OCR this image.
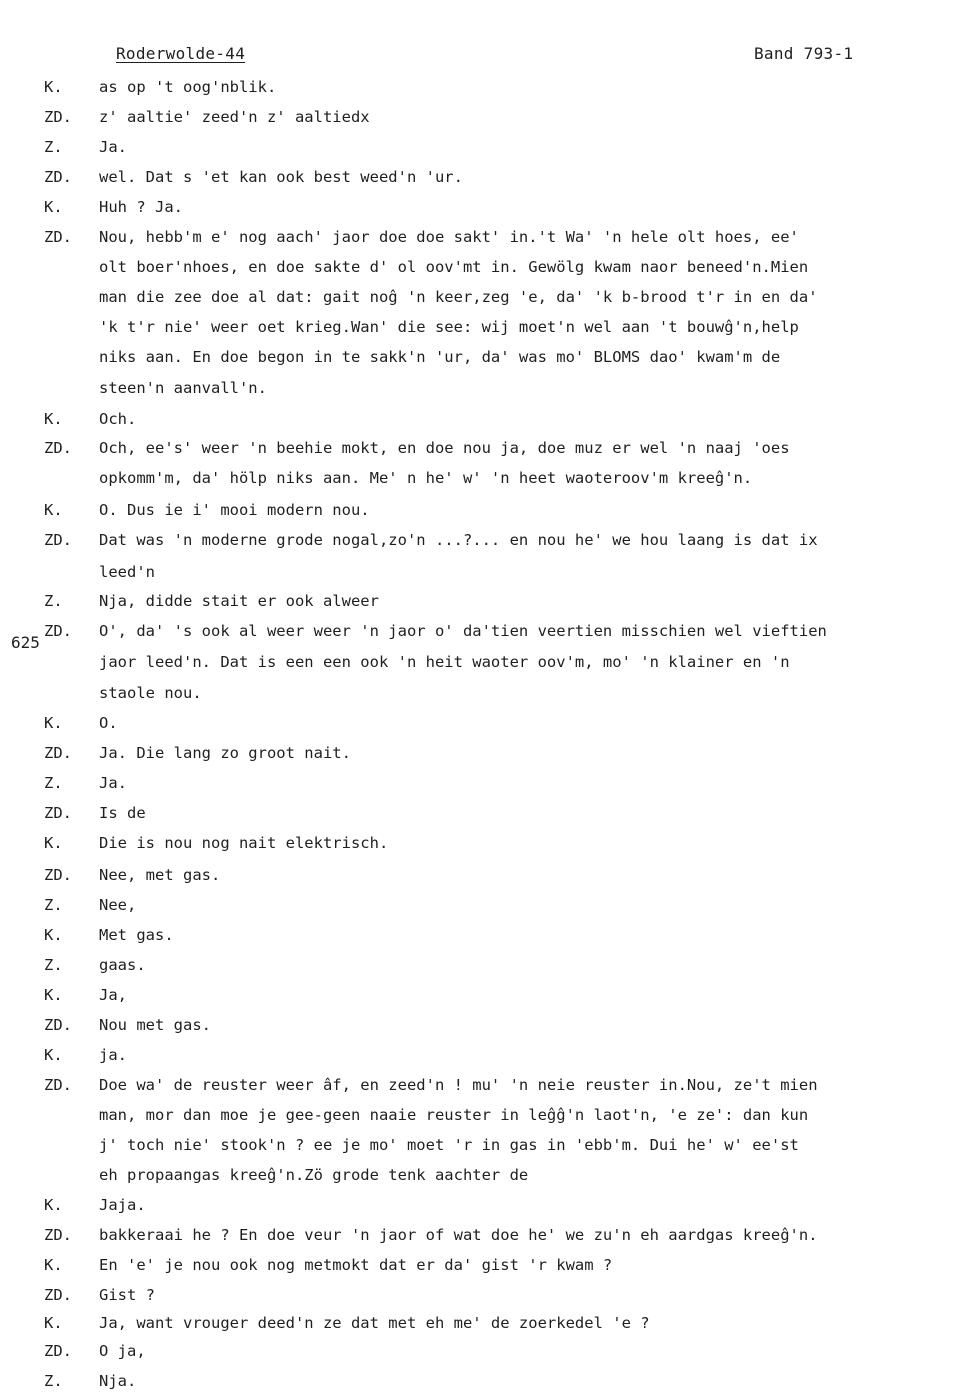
Roderwolde-44	Band 793-1
625
K.	as op 't oog'nblik.
ZD.	z' aaltie' zeed'n z' aaltiedx
Z.	Ja.
ZD.	wel. Dat s 'et kan ook best weed'n 'ur.
K.	Huh ? Ja.
ZD.	Nou, hebb'm e' nog aach' jaor doe doe sakt' in.'t Wa' 'n hele olt hoes, ee'
olt boer'nhoes, en doe sakte d' ol oov'mt in. Gewölg kwam naor beneed'n.Mien
man die zee doe al dat: gait noĝ 'n keer,zeg 'e, da' 'k b-brood t'r in en da'
'k t'r nie' weer oet krieg.Wan' die see: wij moet'n wel aan 't bouwĝ'n,help
niks aan. En doe begon in te sakk'n 'ur, da' was mo' BLOMS dao' kwam'm de
steen'n aanvall'n.
K.	Och.
ZD.	Och, ee's' weer 'n beehie mokt, en doe nou ja, doe muz er wel 'n naaj 'oes
opkomm'm, da' hölp niks aan. Me' n he' w' 'n heet waoteroov'm kreeĝ'n.
K.	O. Dus ie i' mooi modern nou.
ZD.	Dat was 'n moderne grode nogal,zo'n ...?... en nou he' we hou laang is dat ix
leed'n
Z.	Nja, didde stait er ook alweer
ZD.	O', da' 's ook al weer weer 'n jaor o' da'tien veertien misschien wel vieftien
jaor leed'n. Dat is een een ook 'n heit waoter oov'm, mo' 'n klainer en 'n
staole nou.
K.	O.
ZD.	Ja. Die lang zo groot nait.
Z.	Ja.
ZD.	Is de
K.	Die is nou nog nait elektrisch.
ZD.	Nee, met gas.
Z.	Nee,
K.	Met gas.
Z.	gaas.
K.	Ja,
ZD.	Nou met gas.
K.	ja.
ZD.	Doe wa' de reuster weer âf, en zeed'n ! mu' 'n neie reuster in.Nou, ze't mien
man, mor dan moe je gee-geen naaie reuster in leĝĝ'n laot'n, 'e ze': dan kun
j' toch nie' stook'n ? ee je mo' moet 'r in gas in 'ebb'm. Dui he' w' ee'st
eh propaangas kreeĝ'n.Zö grode tenk aachter de
K.	Jaja.
ZD.	bakkeraai he ? En doe veur 'n jaor of wat doe he' we zu'n eh aardgas kreeĝ'n.
K.	En 'e' je nou ook nog metmokt dat er da' gist 'r kwam ?
ZD.	Gist ?
K.	Ja, want vrouger deed'n ze dat met eh me' de zoerkedel 'e ?
ZD.	O ja,
Z.	Nja.
